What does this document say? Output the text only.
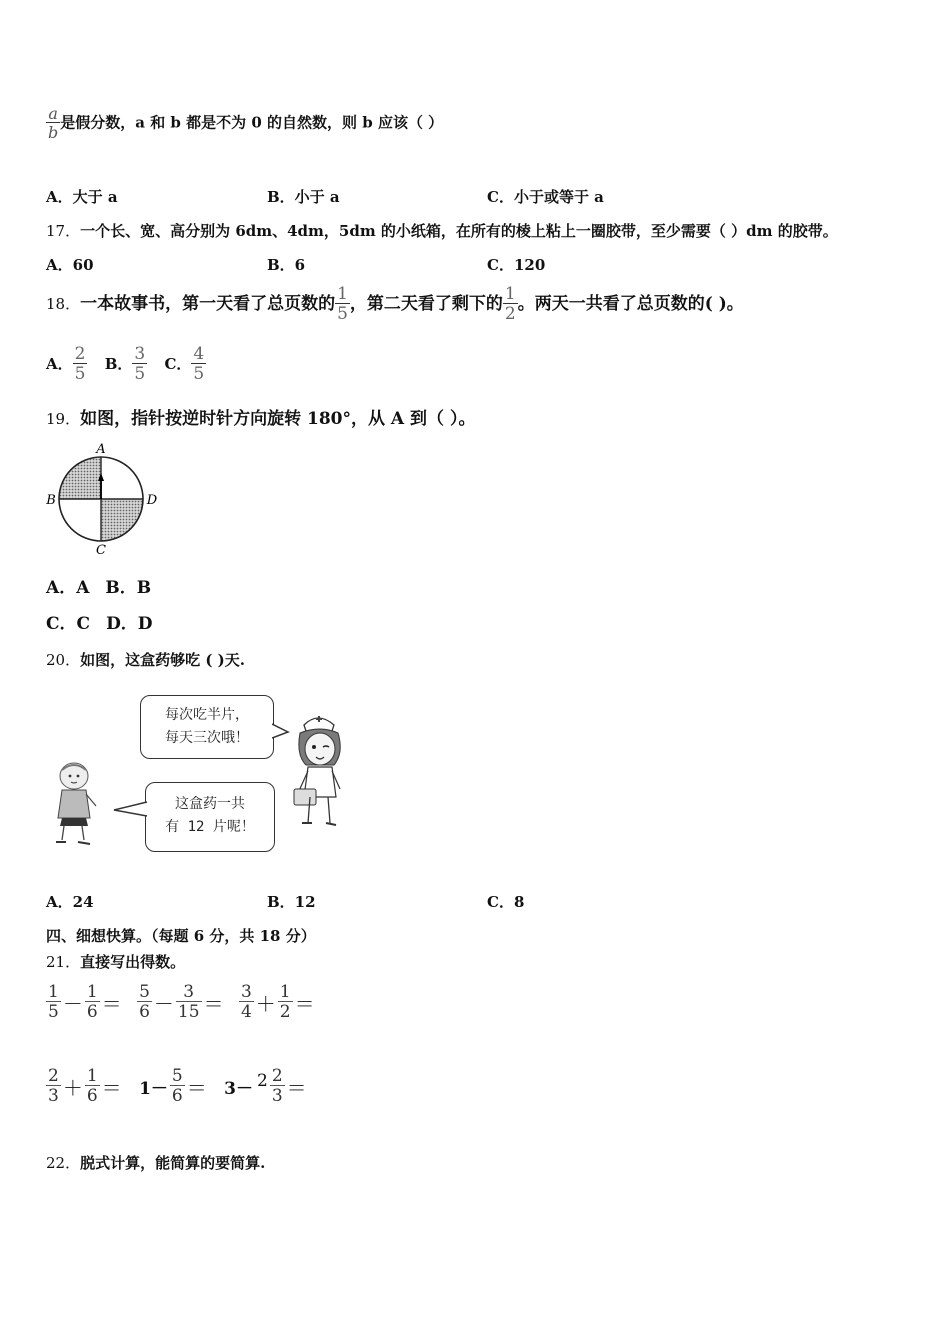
$\frac{a}{b}$ 是假分数，a 和 b 都是不为 0 的自然数，则 b 应该（ ）
A．大于 a	B．小于 a	C．小于或等于 a
17．一个长、宽、高分别为 6dm、4dm，5dm 的小纸箱，在所有的棱上粘上一圈胶带，至少需要（ ）dm 的胶带。
A．60	B．6	C．120
18．一本故事书，第一天看了总页数的 $\frac{1}{5}$ ，第二天看了剩下的 $\frac{1}{2}$ 。两天一共看了总页数的( )。
A． $\frac{2}{5}$ B． $\frac{3}{5}$ C． $\frac{4}{5}$
19．如图，指针按逆时针方向旋转 180°，从 A 到（ ）。
A
B
C
D
A．A B．B
C．C D．D
20．如图，这盒药够吃 ( )天.
每次吃半片，
每天三次哦！
这盒药一共
有 12 片呢！
A．24	B．12	C．8
四、细想快算。（每题 6 分，共 18 分）
21．直接写出得数。
$\frac{1}{5} - \frac{1}{6} = \frac{5}{6} - \frac{3}{15} = \frac{3}{4} + \frac{1}{2}$ ＝
$\frac{2}{3} + \frac{1}{6} = 1- \frac{5}{6} = 3- 2 \frac{2}{3}$ ＝
22．脱式计算，能简算的要简算.
